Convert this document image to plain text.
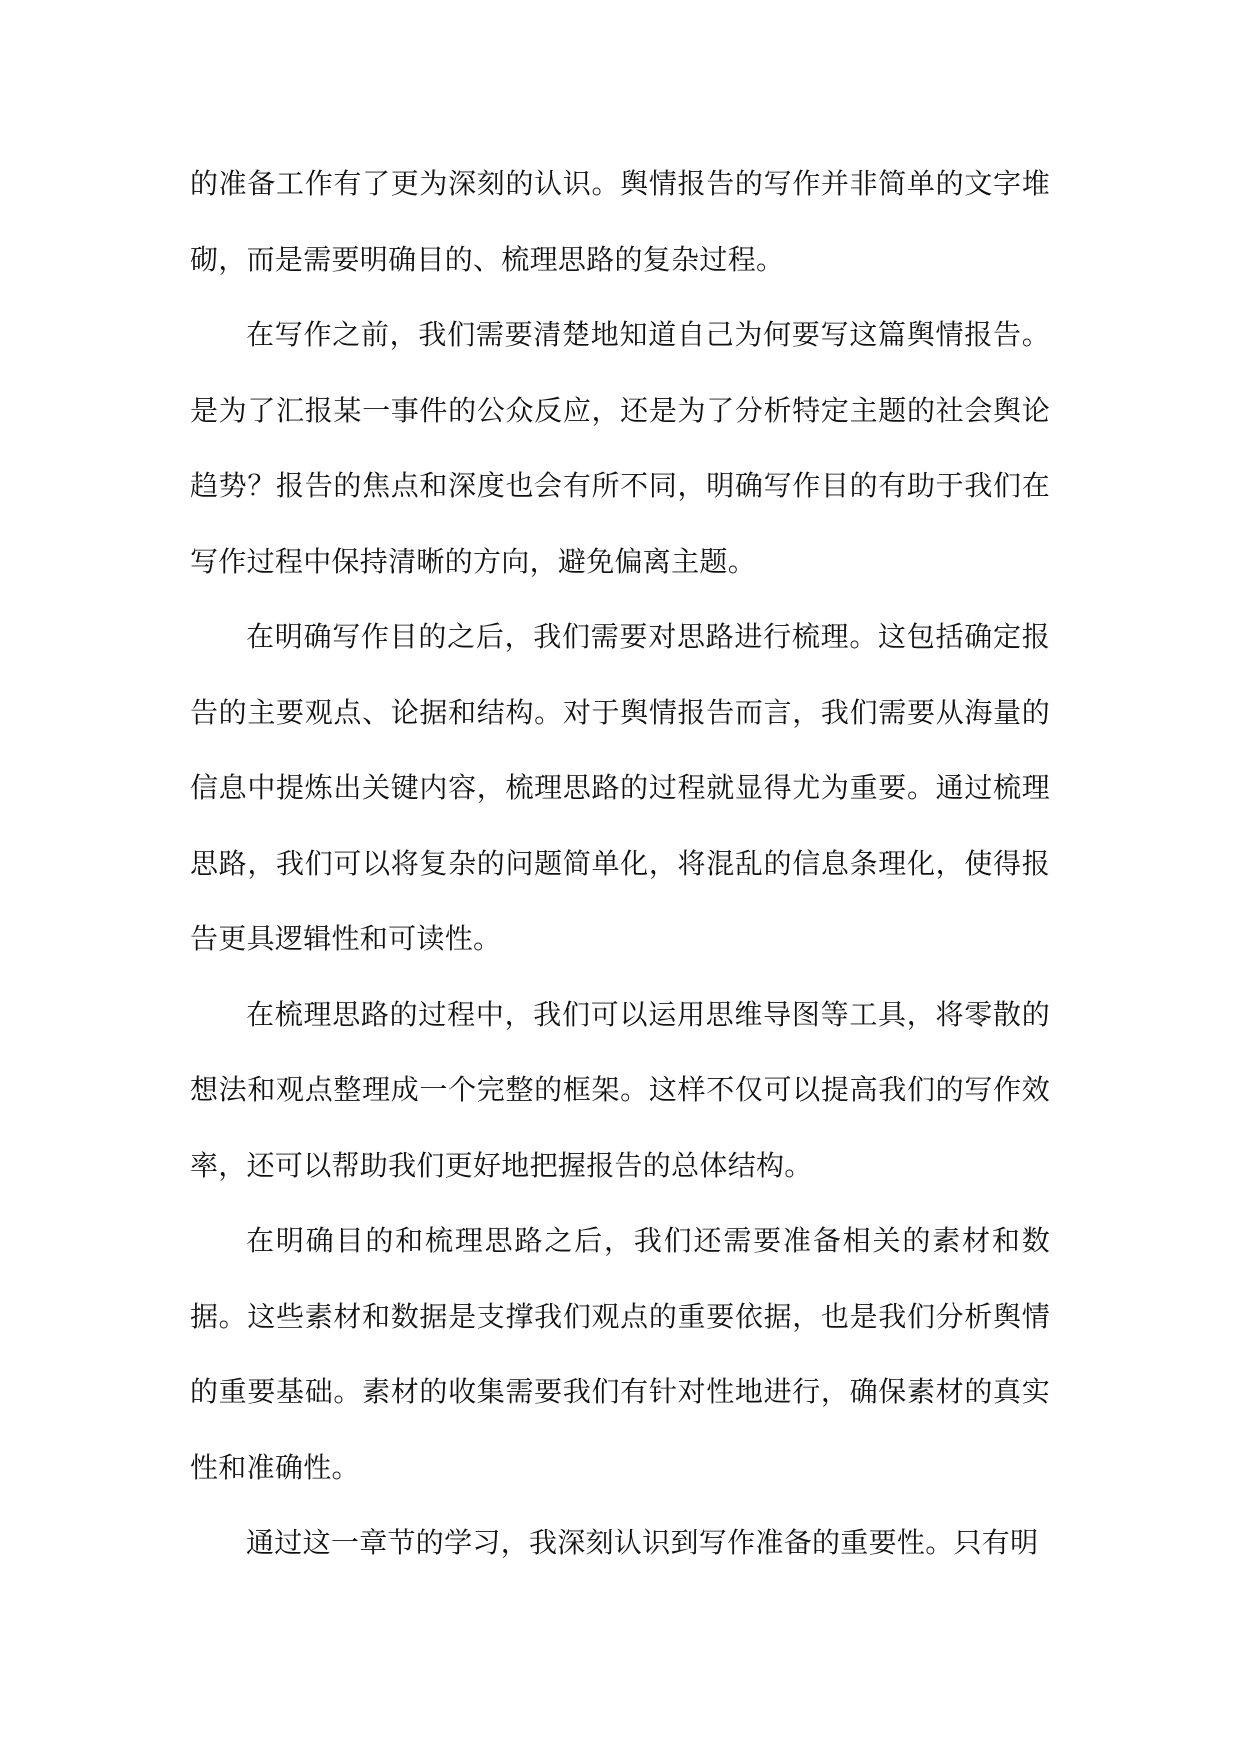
的准备工作有了更为深刻的认识。舆情报告的写作并非简单的文字堆砌，而是需要明确目的、梳理思路的复杂过程。

在写作之前，我们需要清楚地知道自己为何要写这篇舆情报告。是为了汇报某一事件的公众反应，还是为了分析特定主题的社会舆论趋势？报告的焦点和深度也会有所不同，明确写作目的有助于我们在写作过程中保持清晰的方向，避免偏离主题。

在明确写作目的之后，我们需要对思路进行梳理。这包括确定报告的主要观点、论据和结构。对于舆情报告而言，我们需要从海量的信息中提炼出关键内容，梳理思路的过程就显得尤为重要。通过梳理思路，我们可以将复杂的问题简单化，将混乱的信息条理化，使得报告更具逻辑性和可读性。

在梳理思路的过程中，我们可以运用思维导图等工具，将零散的想法和观点整理成一个完整的框架。这样不仅可以提高我们的写作效率，还可以帮助我们更好地把握报告的总体结构。

在明确目的和梳理思路之后，我们还需要准备相关的素材和数据。这些素材和数据是支撑我们观点的重要依据，也是我们分析舆情的重要基础。素材的收集需要我们有针对性地进行，确保素材的真实性和准确性。

通过这一章节的学习，我深刻认识到写作准备的重要性。只有明
